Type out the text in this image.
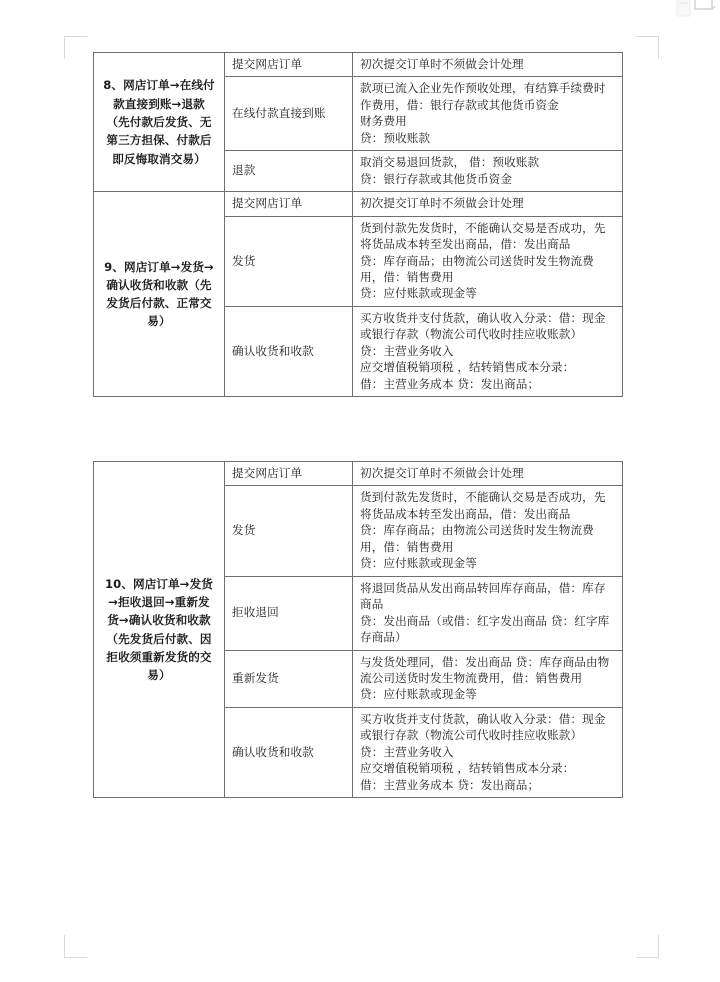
8、网店订单→在线付款直接到账→退款（先付款后发货、无第三方担保、付款后即反悔取消交易）	提交网店订单	初次提交订单时不须做会计处理

	在线付款直接到账	款项已流入企业先作预收处理，有结算手续费时作费用，借：银行存款或其他货币资金
财务费用
贷：预收账款

	退款	取消交易退回货款， 借：预收账款
贷：银行存款或其他货币资金

9、网店订单→发货→确认收货和收款（先发货后付款、正常交易）	提交网店订单	初次提交订单时不须做会计处理

	发货	货到付款先发货时，不能确认交易是否成功，先将货品成本转至发出商品，借：发出商品
贷：库存商品；由物流公司送货时发生物流费用，借：销售费用
贷：应付账款或现金等

	确认收货和收款	买方收货并支付货款，确认收入分录：借：现金或银行存款（物流公司代收时挂应收账款）
贷：主营业务收入
应交增值税销项税 ，结转销售成本分录：
借：主营业务成本 贷：发出商品；
10、网店订单→发货→拒收退回→重新发货→确认收货和收款（先发货后付款、因拒收须重新发货的交易）	提交网店订单	初次提交订单时不须做会计处理

	发货	货到付款先发货时，不能确认交易是否成功，先将货品成本转至发出商品，借：发出商品
贷：库存商品；由物流公司送货时发生物流费用，借：销售费用
贷：应付账款或现金等

	拒收退回	将退回货品从发出商品转回库存商品，借：库存商品
贷：发出商品（或借：红字发出商品 贷：红字库存商品）

	重新发货	与发货处理同，借：发出商品 贷：库存商品由物流公司送货时发生物流费用，借：销售费用
贷：应付账款或现金等

	确认收货和收款	买方收货并支付货款，确认收入分录：借：现金或银行存款（物流公司代收时挂应收账款）
贷：主营业务收入
应交增值税销项税 ，结转销售成本分录：
借：主营业务成本 贷：发出商品；
